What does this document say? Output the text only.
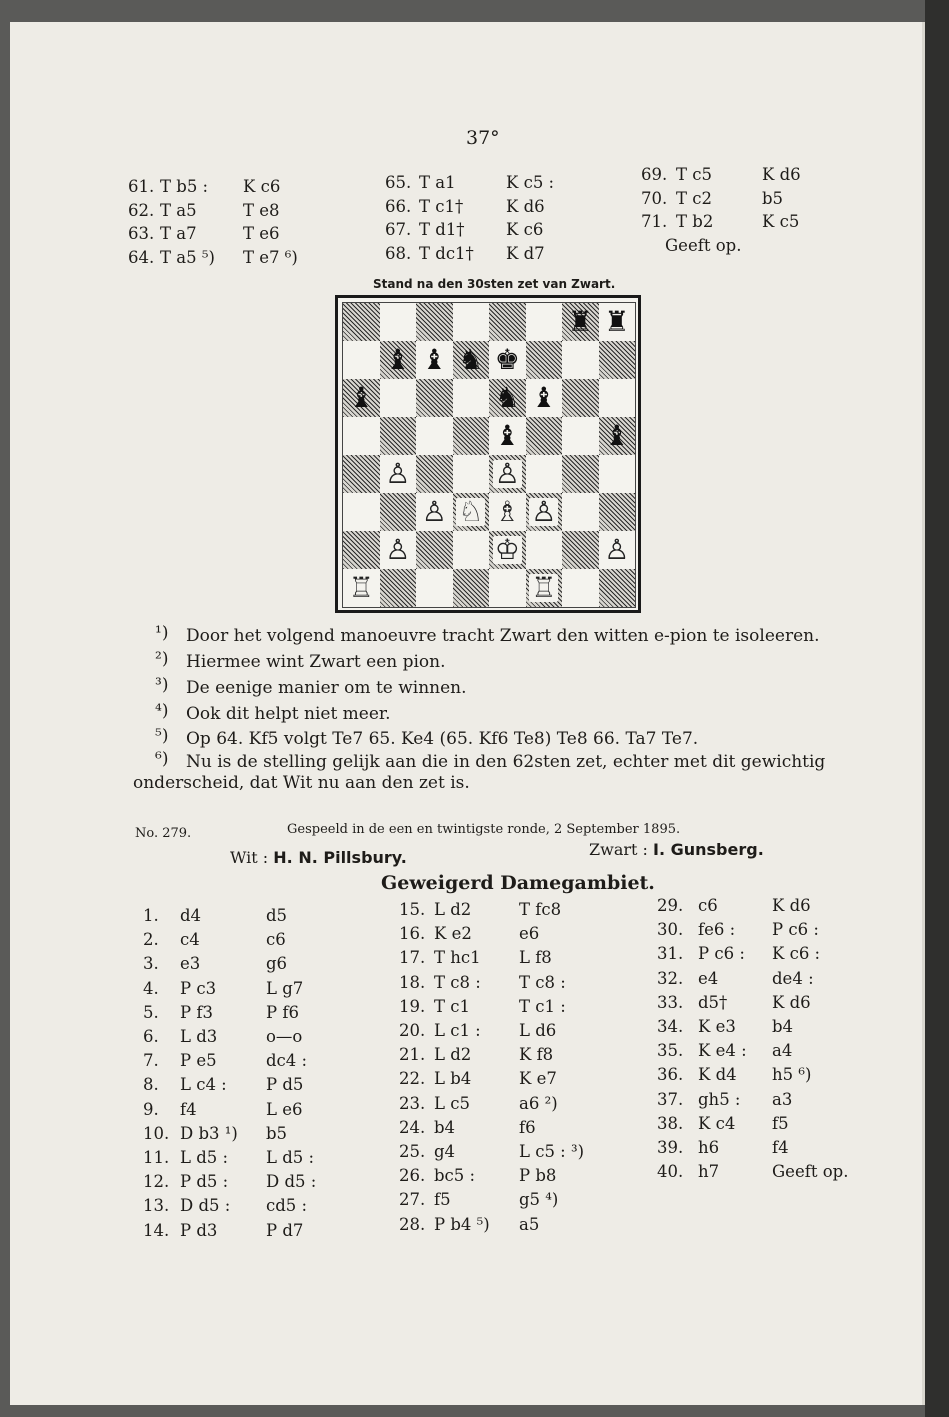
37°
61. T b5 : K c6
62. T a5	T e8
63. T a7	T e6
64. T a5 ⁵) T e7 ⁶)
65. T a1	K c5 :
66. T c1†	K d6
67. T d1†	K c6
68. T dc1† K d7
69. T c5	K d6
70. T c2	b5
71. T b2	K c5
Geeft op.
Stand na den 30sten zet van Zwart.
♜ ♜
♝ ♝ ♞ ♚
♝	♞ ♝
♝	♝
♙	♙
♙ ♘ ♗ ♙
♙	♔	♙
♖	♖
¹) Door het volgend manoeuvre tracht Zwart den witten e-pion te isoleeren.
²) Hiermee wint Zwart een pion.
³) De eenige manier om te winnen.
⁴) Ook dit helpt niet meer.
⁵) Op 64. Kf5 volgt Te7 65. Ke4 (65. Kf6 Te8) Te8 66. Ta7 Te7.
⁶) Nu is de stelling gelijk aan die in den 62sten zet, echter met dit gewichtig
onderscheid, dat Wit nu aan den zet is.
No. 279.	Gespeeld in de een en twintigste ronde, 2 September 1895.
Wit : H. N. Pillsbury.	Zwart : I. Gunsberg.
Geweigerd Damegambiet.
1. d4	d5
2. c4	c6
3. e3	g6
4. P c3	L g7
5. P f3	P f6
6. L d3	o—o
7. P e5	dc4 :
8. L c4 : P d5
9. f4	L e6
10. D b3 ¹) b5
11. L d5 : L d5 :
12. P d5 : D d5 :
13. D d5 : cd5 :
14. P d3	P d7
15. L d2	T fc8
16. K e2	e6
17. T hc1 L f8
18. T c8 : T c8 :
19. T c1	T c1 :
20. L c1 : L d6
21. L d2	K f8
22. L b4	K e7
23. L c5	a6 ²)
24. b4	f6
25. g4	L c5 : ³)
26. bc5 :	P b8
27. f5	g5 ⁴)
28. P b4 ⁵) a5
29. c6	K d6
30. fe6 : P c6 :
31. P c6 : K c6 :
32. e4	de4 :
33. d5†	K d6
34. K e3 b4
35. K e4 : a4
36. K d4 h5 ⁶)
37. gh5 : a3
38. K c4 f5
39. h6	f4
40. h7	Geeft op.
